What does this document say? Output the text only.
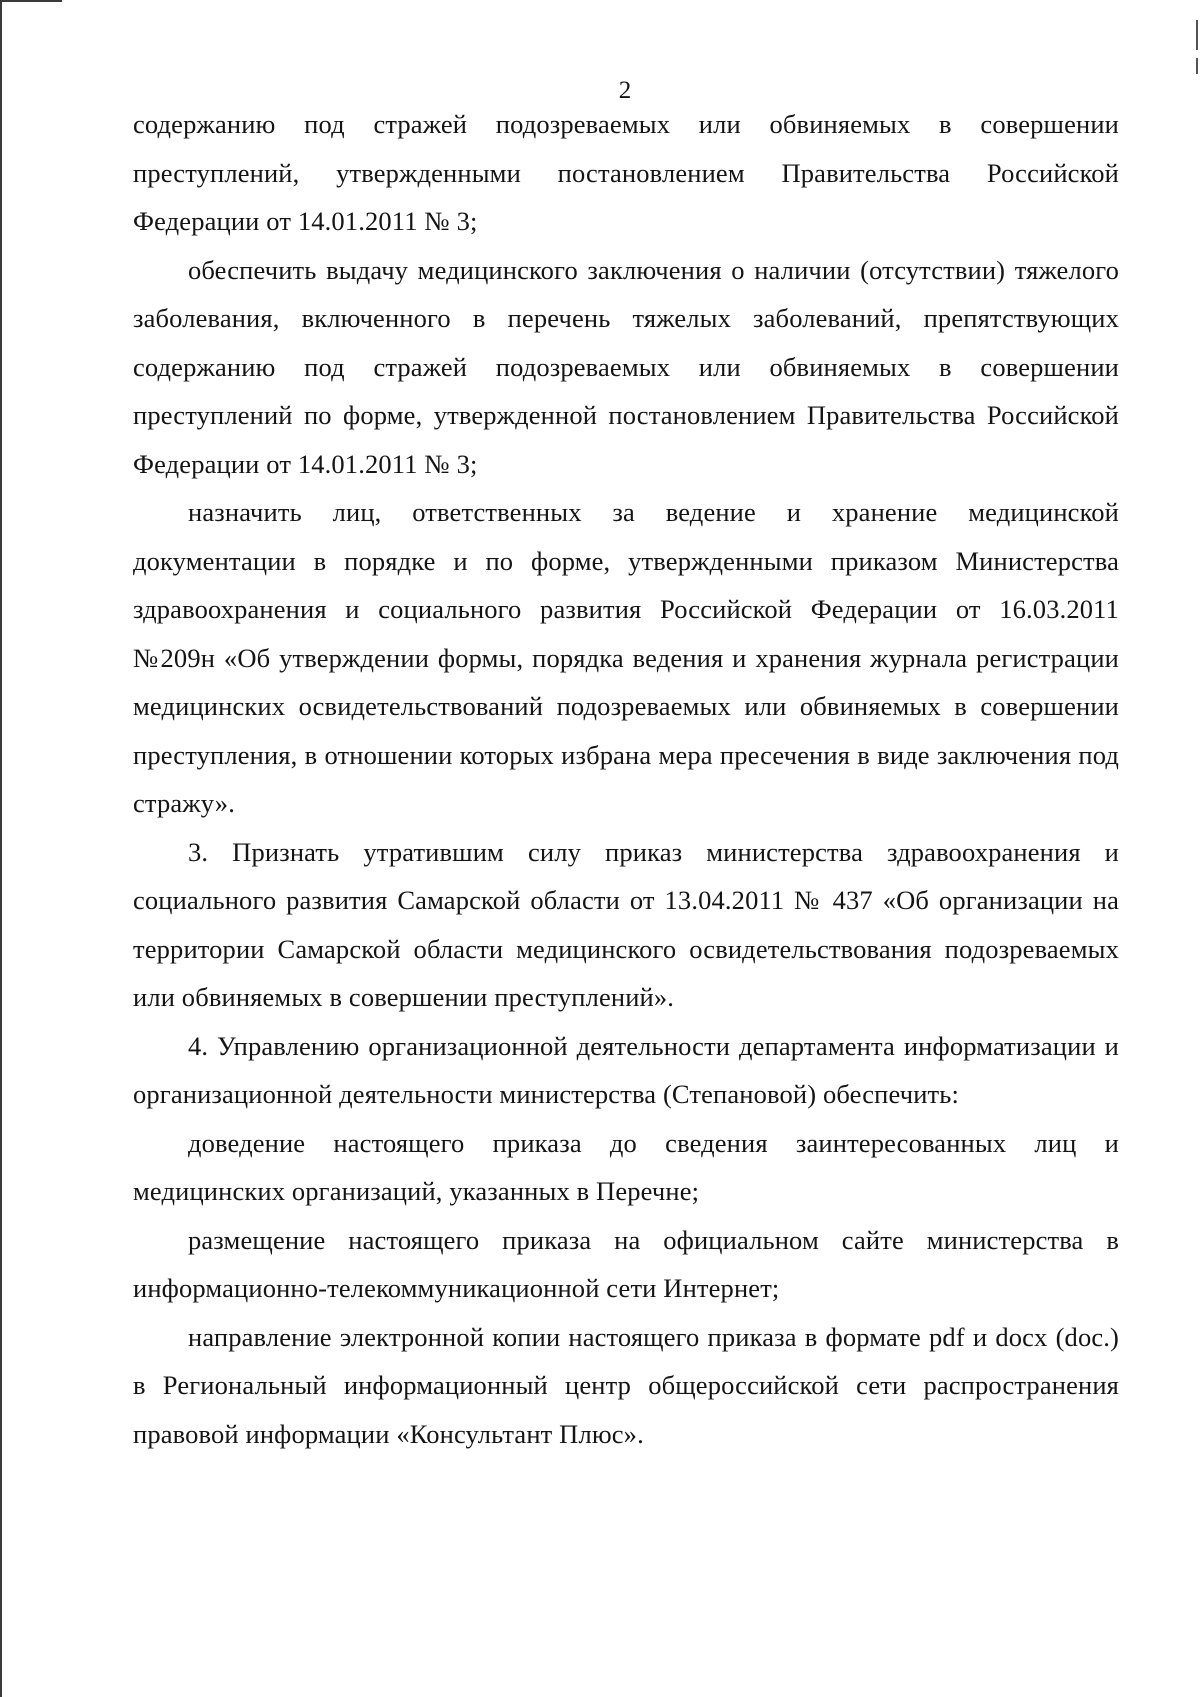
2

содержанию под стражей подозреваемых или обвиняемых в совершении преступлений, утвержденными постановлением Правительства Российской Федерации от 14.01.2011 № 3;

обеспечить выдачу медицинского заключения о наличии (отсутствии) тяжелого заболевания, включенного в перечень тяжелых заболеваний, препятствующих содержанию под стражей подозреваемых или обвиняемых в совершении преступлений по форме, утвержденной постановлением Правительства Российской Федерации от 14.01.2011 № 3;

назначить лиц, ответственных за ведение и хранение медицинской документации в порядке и по форме, утвержденными приказом Министерства здравоохранения и социального развития Российской Федерации от 16.03.2011 №209н «Об утверждении формы, порядка ведения и хранения журнала регистрации медицинских освидетельствований подозреваемых или обвиняемых в совершении преступления, в отношении которых избрана мера пресечения в виде заключения под стражу».

3. Признать утратившим силу приказ министерства здравоохранения и социального развития Самарской области от 13.04.2011 № 437 «Об организации на территории Самарской области медицинского освидетельствования подозреваемых или обвиняемых в совершении преступлений».

4. Управлению организационной деятельности департамента информатизации и организационной деятельности министерства (Степановой) обеспечить:

доведение настоящего приказа до сведения заинтересованных лиц и медицинских организаций, указанных в Перечне;

размещение настоящего приказа на официальном сайте министерства в информационно-телекоммуникационной сети Интернет;

направление электронной копии настоящего приказа в формате pdf и docx (doc.) в Региональный информационный центр общероссийской сети распространения правовой информации «Консультант Плюс».
